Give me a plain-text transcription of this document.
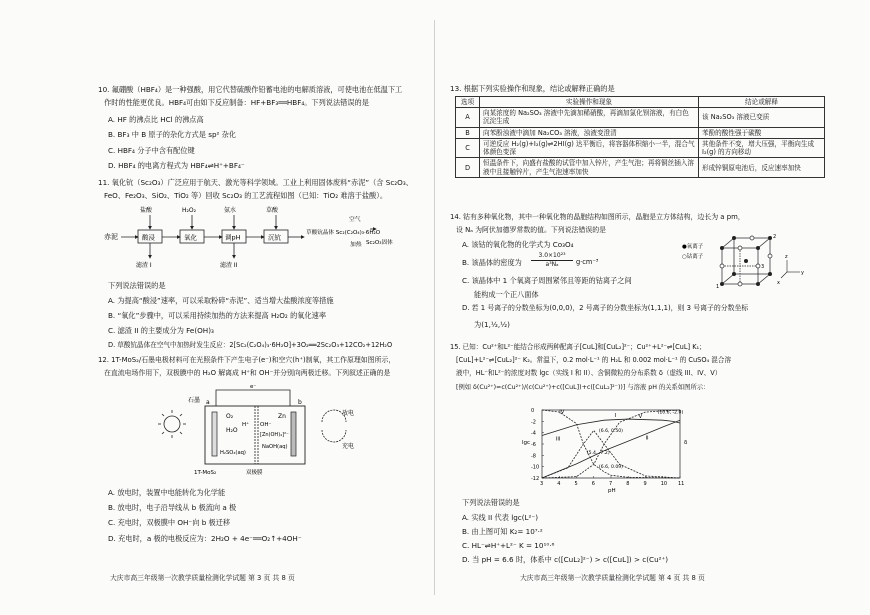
10. 氟硼酸（HBF₄）是一种强酸，用它代替硫酸作铅蓄电池的电解质溶液，可使电池在低温下工
作时的性能更优良。HBF₄可由如下反应制备：HF+BF₃══HBF₄。下列说法错误的是
A. HF 的沸点比 HCl 的沸点高
B. BF₃ 中 B 原子的杂化方式是 sp² 杂化
C. HBF₄ 分子中含有配位键
D. HBF₄ 的电离方程式为 HBF₄⇌H⁺+BF₄⁻
11. 氧化钪（Sc₂O₃）广泛应用于航天、激光等科学领域。工业上利用固体废料“赤泥”（含 Sc₂O₃、
FeO、Fe₂O₃、SiO₂、TiO₂ 等）回收 Sc₂O₃ 的工艺流程如图（已知：TiO₂ 难溶于盐酸）。
赤泥	酸浸	氧化	调pH	沉钪
草酸钪晶体 Sc₂(C₂O₄)₃·6H₂O
空气
加热 Sc₂O₃固体
盐酸	H₂O₂	氨水	草酸
滤渣 I	滤渣 II
下列说法错误的是
A. 为提高“酸浸”速率，可以采取粉碎“赤泥”、适当增大盐酸浓度等措施
B. “氧化”步骤中，可以采用持续加热的方法来提高 H₂O₂ 的氧化速率
C. 滤渣 II 的主要成分为 Fe(OH)₃
D. 草酸钪晶体在空气中加热时发生反应：2[Sc₂(C₂O₄)₃·6H₂O]+3O₂══2Sc₂O₃+12CO₂+12H₂O
12. 1T-MoS₂/石墨电极材料可在光照条件下产生电子(e⁻)和空穴(h⁺)制氧，其工作原理如图所示，
在直流电场作用下，双极膜中的 H₂O 解离成 H⁺和 OH⁻并分别向两极迁移。下列叙述正确的是
e⁻
石墨 a	b
O₂
H₂O
H⁺ OH⁻
Zn
[Zn(OH)₄]²⁻
H₂SO₄(aq)
NaOH(aq)
1T-MoS₂	双极膜
放电
充电
A. 放电时，装置中电能转化为化学能
B. 放电时，电子沿导线从 b 极流向 a 极
C. 充电时，双极膜中 OH⁻向 b 极迁移
D. 充电时，a 极的电极反应为：2H₂O + 4e⁻══O₂↑+4OH⁻
大庆市高三年级第一次教学质量检测化学试题 第 3 页 共 8 页
13. 根据下列实验操作和现象，结论或解释正确的是
选项	实验操作和现象	结论或解释
A	向某浓度的 Na₂SO₃ 溶液中先滴加稀硝酸，再滴加氯化钡溶液，有白色沉淀生成	该 Na₂SO₃ 溶液已变质
B	向苯酚浊液中滴加 Na₂CO₃ 溶液，浊液变澄清	苯酚的酸性强于碳酸
C	可逆反应 H₂(g)+I₂(g)⇌2HI(g) 达平衡后，将容器体积缩小一半，混合气体颜色变深	其他条件不变，增大压强，平衡向生成 I₂(g) 的方向移动
D	恒温条件下，向盛有盐酸的试管中加入锌片，产生气泡；再将铜丝插入溶液中且接触锌片，产生气泡速率加快	形成锌铜原电池后，反应速率加快
14. 钴有多种氧化物，其中一种氧化物的晶胞结构如图所示，晶胞是立方体结构，边长为 a pm，
设 Nₐ 为阿伏加德罗常数的值。下列说法错误的是
A. 该钴的氧化物的化学式为 Co₃O₄
B. 该晶体的密度为 $\frac{\text{3.0×10²³}}{\text{a³Nₐ}} g\cdot cm^{-3}$
C. 该晶体中 1 个氧离子周围紧邻且等距的钴离子之间
能构成一个正八面体
D. 若 1 号离子的分数坐标为(0,0,0)，2 号离子的分数坐标为(1,1,1)，则 3 号离子的分数坐标
为(1,½,½)
●氧离子
○钴离子
1
2
3
y
z
x
15. 已知：Cu²⁺和L²⁻能结合形成两种配离子[CuL]和[CuL₂]²⁻；Cu²⁺+L²⁻⇌[CuL] K₁；
[CuL]+L²⁻⇌[CuL₂]²⁻ K₂。常温下，0.2 mol·L⁻¹ 的 H₂L 和 0.002 mol·L⁻¹ 的 CuSO₄ 混合溶
液中，HL⁻和L²⁻的浓度对数 lgc（实线 I 和 II）、含铜微粒的分布系数 δ（虚线 III、IV、V）
[例如 δ(Cu²⁺)=c(Cu²⁺)/(c(Cu²⁺)+c([CuL])+c([CuL₂]²⁻))] 与溶液 pH 的关系如图所示：
3	4	5	6	7	8	9	10 11
0
-2
-4
-6
-8
-10
-12
pH
lgc	δ
I
II
III
IV
V
(10.6, -2.0)
(6.6, 0.50)
(5.4, -7.2)
(6.6, 0.09)
下列说法错误的是
A. 实线 II 代表 lgc(L²⁻)
B. 由上图可知 K₂= 10⁷·²
C. HL⁻⇌H⁺+L²⁻ K = 10¹⁰·⁶
D. 当 pH = 6.6 时，体系中 c([CuL₂]²⁻) > c([CuL]) > c(Cu²⁺)
大庆市高三年级第一次教学质量检测化学试题 第 4 页 共 8 页
